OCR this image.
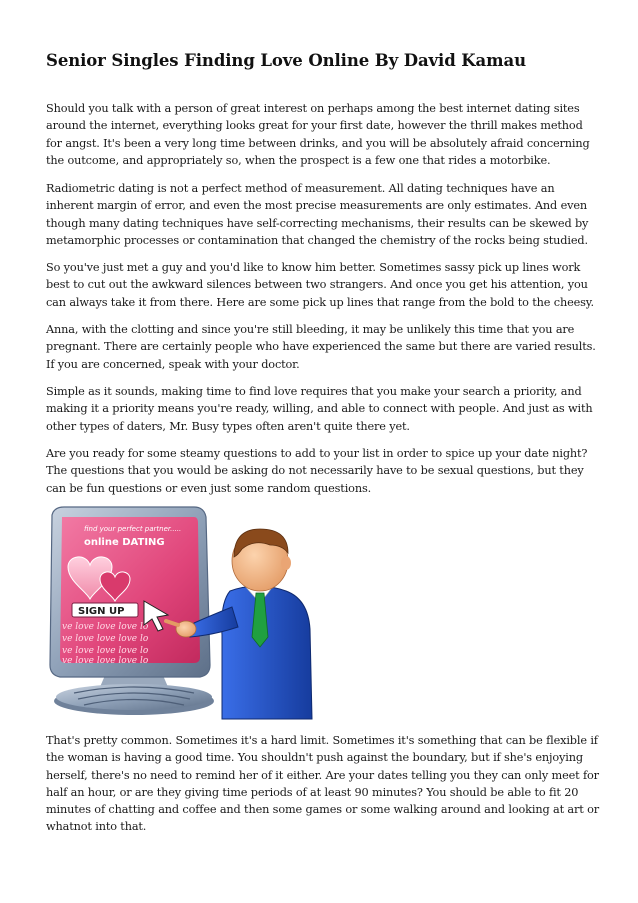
Senior Singles Finding Love Online By David Kamau

Should you talk with a person of great interest on perhaps among the best internet dating sites around the internet, everything looks great for your first date, however the thrill makes method for angst. It's been a very long time between drinks, and you will be absolutely afraid concerning the outcome, and appropriately so, when the prospect is a few one that rides a motorbike.

Radiometric dating is not a perfect method of measurement. All dating techniques have an inherent margin of error, and even the most precise measurements are only estimates. And even though many dating techniques have self-correcting mechanisms, their results can be skewed by metamorphic processes or contamination that changed the chemistry of the rocks being studied.

So you've just met a guy and you'd like to know him better. Sometimes sassy pick up lines work best to cut out the awkward silences between two strangers. And once you get his attention, you can always take it from there. Here are some pick up lines that range from the bold to the cheesy.

Anna, with the clotting and since you're still bleeding, it may be unlikely this time that you are pregnant. There are certainly people who have experienced the same but there are varied results. If you are concerned, speak with your doctor.

Simple as it sounds, making time to find love requires that you make your search a priority, and making it a priority means you're ready, willing, and able to connect with people. And just as with other types of daters, Mr. Busy types often aren't quite there yet.

Are you ready for some steamy questions to add to your list in order to spice up your date night? The questions that you would be asking do not necessarily have to be sexual questions, but they can be fun questions or even just some random questions.

find your perfect partner.....
online DATING
SIGN UP
ve love love love lo
ve love love love lo
ve love love love lo
ve love love love lo

That's pretty common. Sometimes it's a hard limit. Sometimes it's something that can be flexible if the woman is having a good time. You shouldn't push against the boundary, but if she's enjoying herself, there's no need to remind her of it either. Are your dates telling you they can only meet for half an hour, or are they giving time periods of at least 90 minutes? You should be able to fit 20 minutes of chatting and coffee and then some games or some walking around and looking at art or whatnot into that.
